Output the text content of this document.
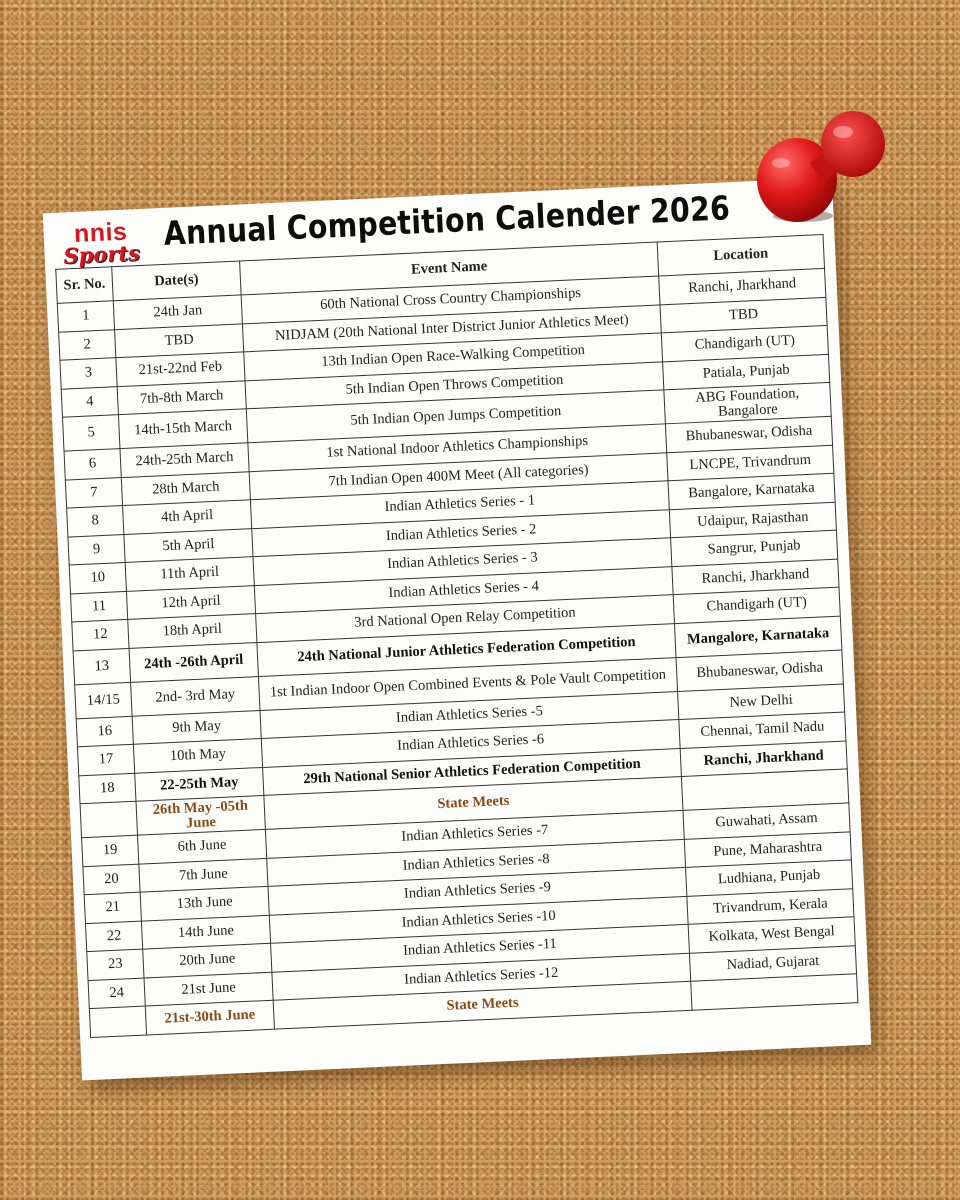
nnis
Sports
Annual Competition Calender 2026
Sr. No.	Date(s)	Event Name	Location
1	24th Jan	60th National Cross Country Championships	Ranchi, Jharkhand
2	TBD	NIDJAM (20th National Inter District Junior Athletics Meet)	TBD
3	21st-22nd Feb	13th Indian Open Race-Walking Competition	Chandigarh (UT)
4	7th-8th March	5th Indian Open Throws Competition	Patiala, Punjab
5	14th-15th March	5th Indian Open Jumps Competition	ABG Foundation, Bangalore
6	24th-25th March	1st National Indoor Athletics Championships	Bhubaneswar, Odisha
7	28th March	7th Indian Open 400M Meet (All categories)	LNCPE, Trivandrum
8	4th April	Indian Athletics Series - 1	Bangalore, Karnataka
9	5th April	Indian Athletics Series - 2	Udaipur, Rajasthan
10	11th April	Indian Athletics Series - 3	Sangrur, Punjab
11	12th April	Indian Athletics Series - 4	Ranchi, Jharkhand
12	18th April	3rd National Open Relay Competition	Chandigarh (UT)
13	24th -26th April	24th National Junior Athletics Federation Competition	Mangalore, Karnataka
14/15	2nd- 3rd May	1st Indian Indoor Open Combined Events & Pole Vault Competition	Bhubaneswar, Odisha
16	9th May	Indian Athletics Series -5	New Delhi
17	10th May	Indian Athletics Series -6	Chennai, Tamil Nadu
18	22-25th May	29th National Senior Athletics Federation Competition	Ranchi, Jharkhand
	26th May -05th June	State Meets	
19	6th June	Indian Athletics Series -7	Guwahati, Assam
20	7th June	Indian Athletics Series -8	Pune, Maharashtra
21	13th June	Indian Athletics Series -9	Ludhiana, Punjab
22	14th June	Indian Athletics Series -10	Trivandrum, Kerala
23	20th June	Indian Athletics Series -11	Kolkata, West Bengal
24	21st June	Indian Athletics Series -12	Nadiad, Gujarat
	21st-30th June	State Meets	
